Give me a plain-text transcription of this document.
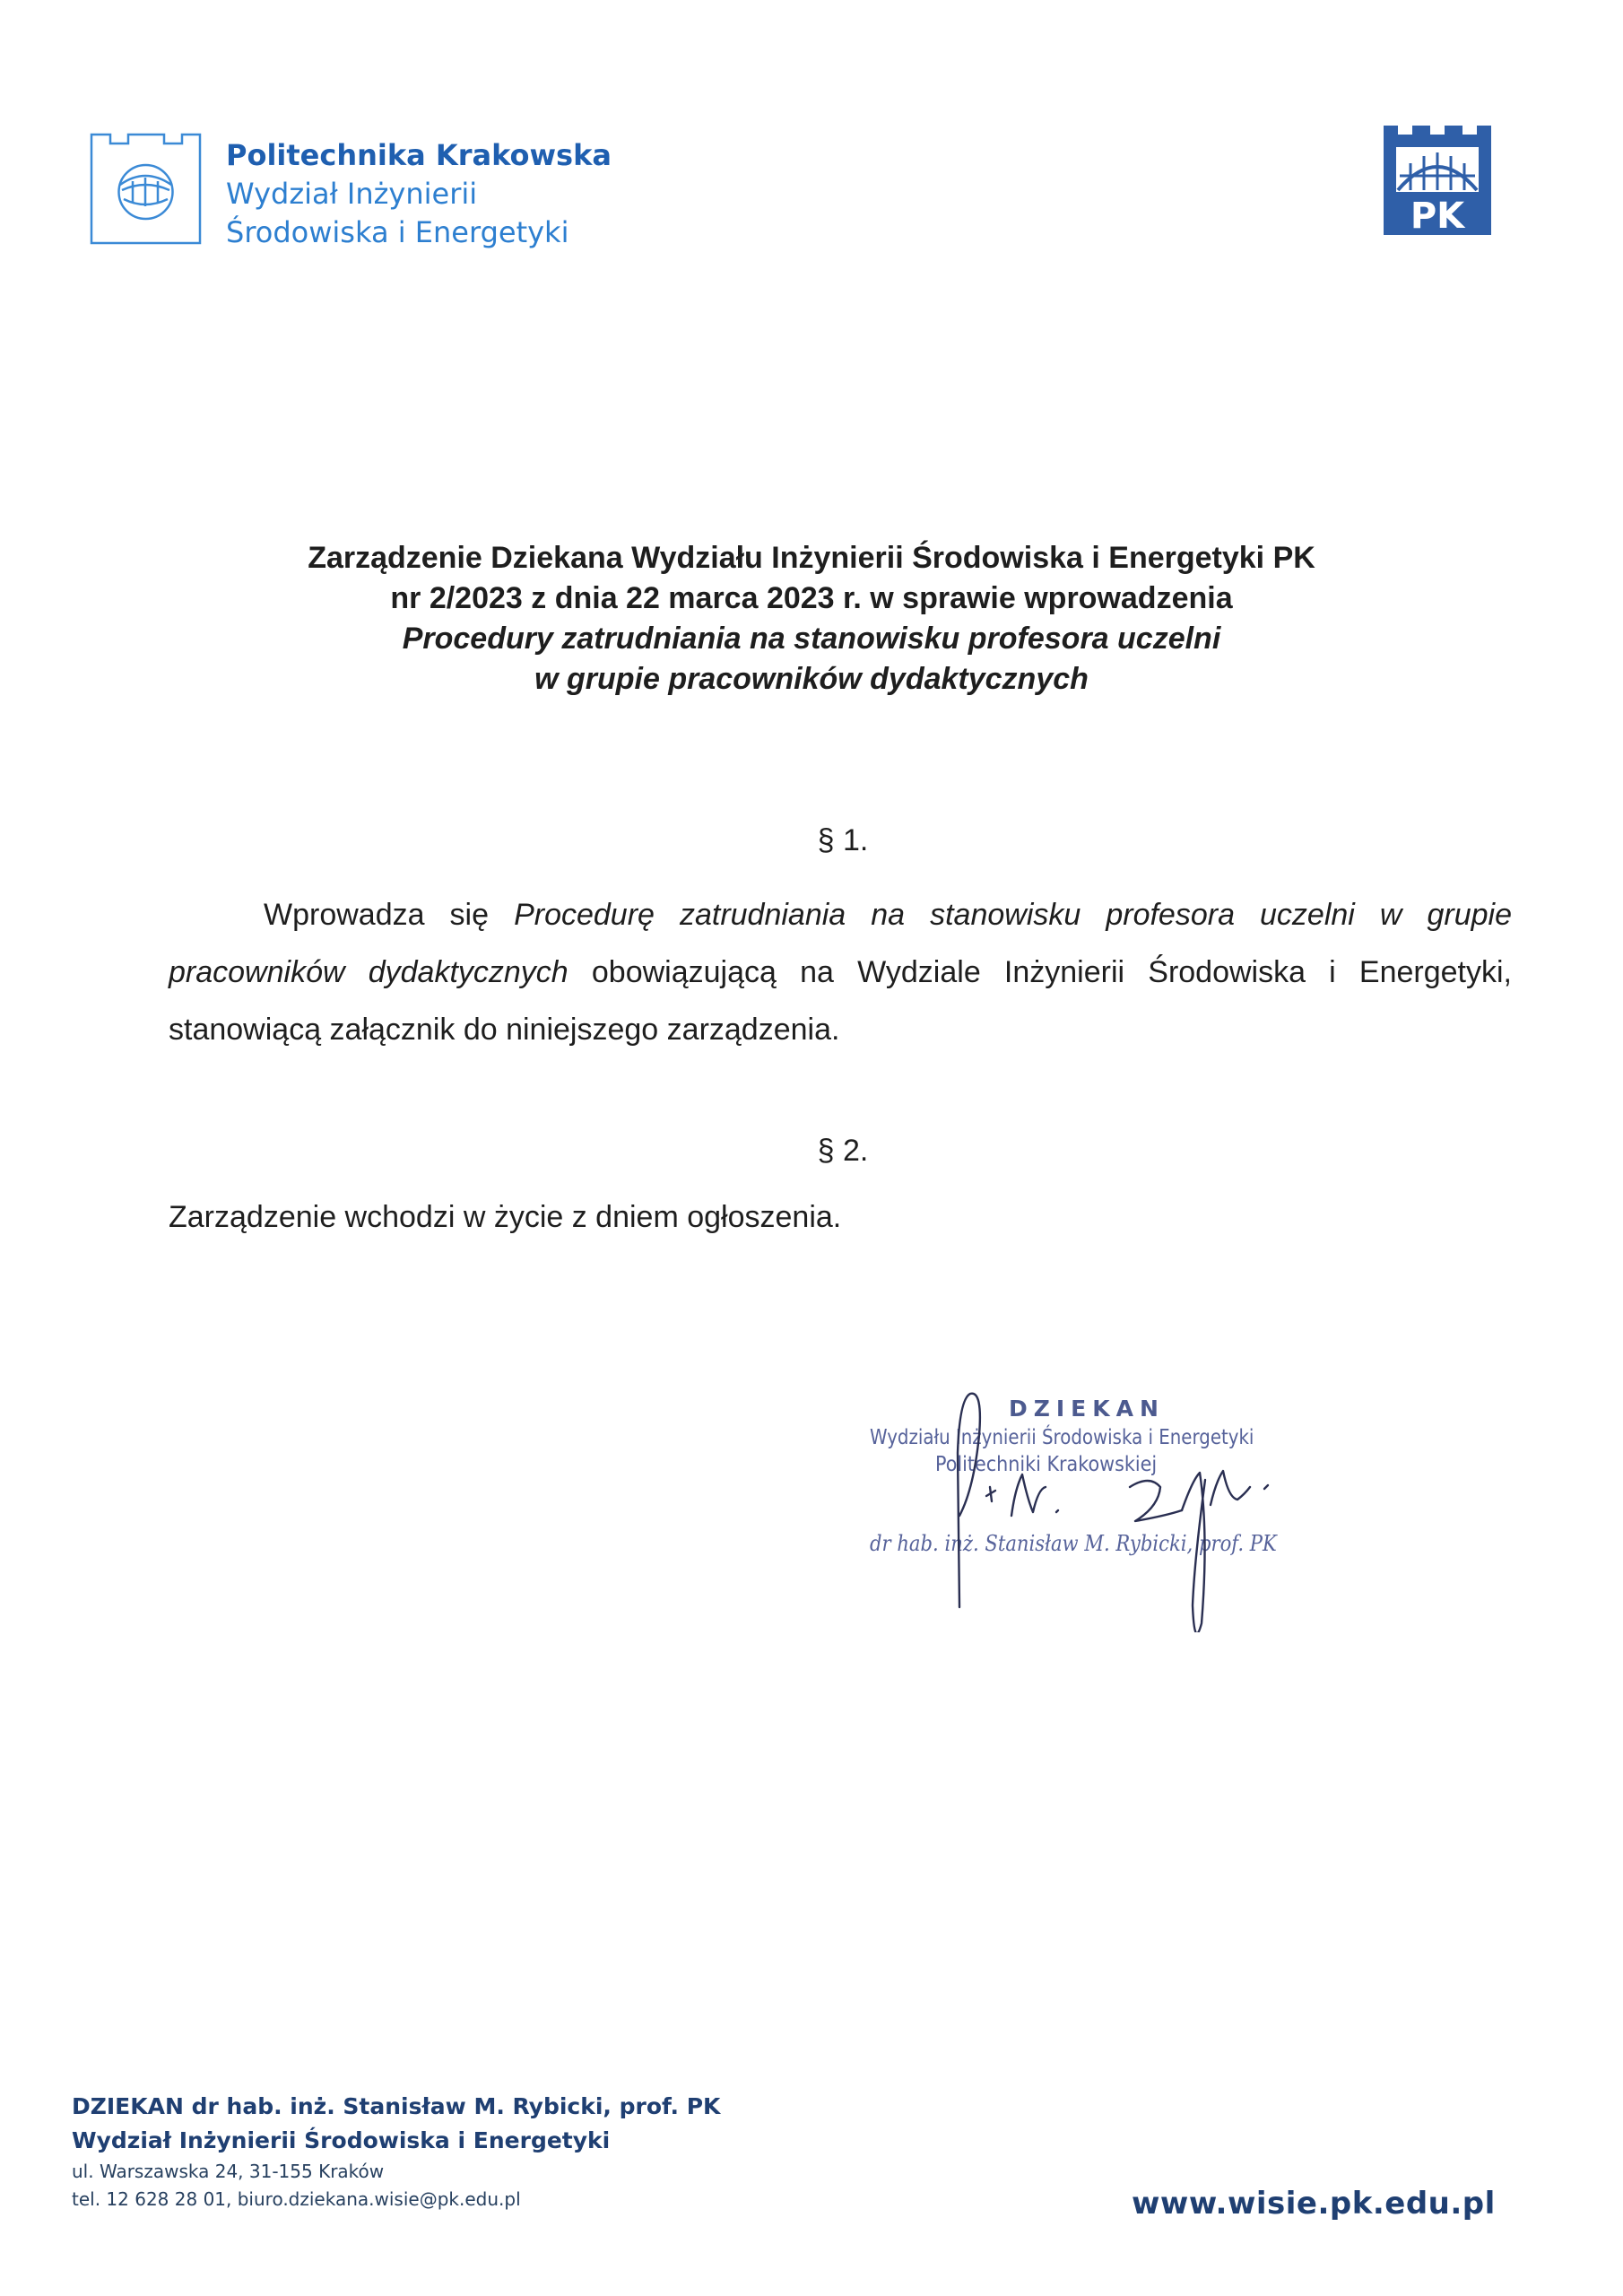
Politechnika Krakowska
Wydział Inżynierii
Środowiska i Energetyki	PK
Zarządzenie Dziekana Wydziału Inżynierii Środowiska i Energetyki PK
nr 2/2023 z dnia 22 marca 2023 r. w sprawie wprowadzenia
Procedury zatrudniania na stanowisku profesora uczelni
w grupie pracowników dydaktycznych
§ 1.
Wprowadza się Procedurę zatrudniania na stanowisku profesora uczelni w grupie pracowników dydaktycznych obowiązującą na Wydziale Inżynierii Środowiska i Energetyki, stanowiącą załącznik do niniejszego zarządzenia.
§ 2.
Zarządzenie wchodzi w życie z dniem ogłoszenia.
DZIEKAN
Wydziału Inżynierii Środowiska i Energetyki
Politechniki Krakowskiej
dr hab. inż. Stanisław M. Rybicki, prof. PK
DZIEKAN dr hab. inż. Stanisław M. Rybicki, prof. PK
Wydział Inżynierii Środowiska i Energetyki
ul. Warszawska 24, 31-155 Kraków
tel. 12 628 28 01, biuro.dziekana.wisie@pk.edu.pl	www.wisie.pk.edu.pl
